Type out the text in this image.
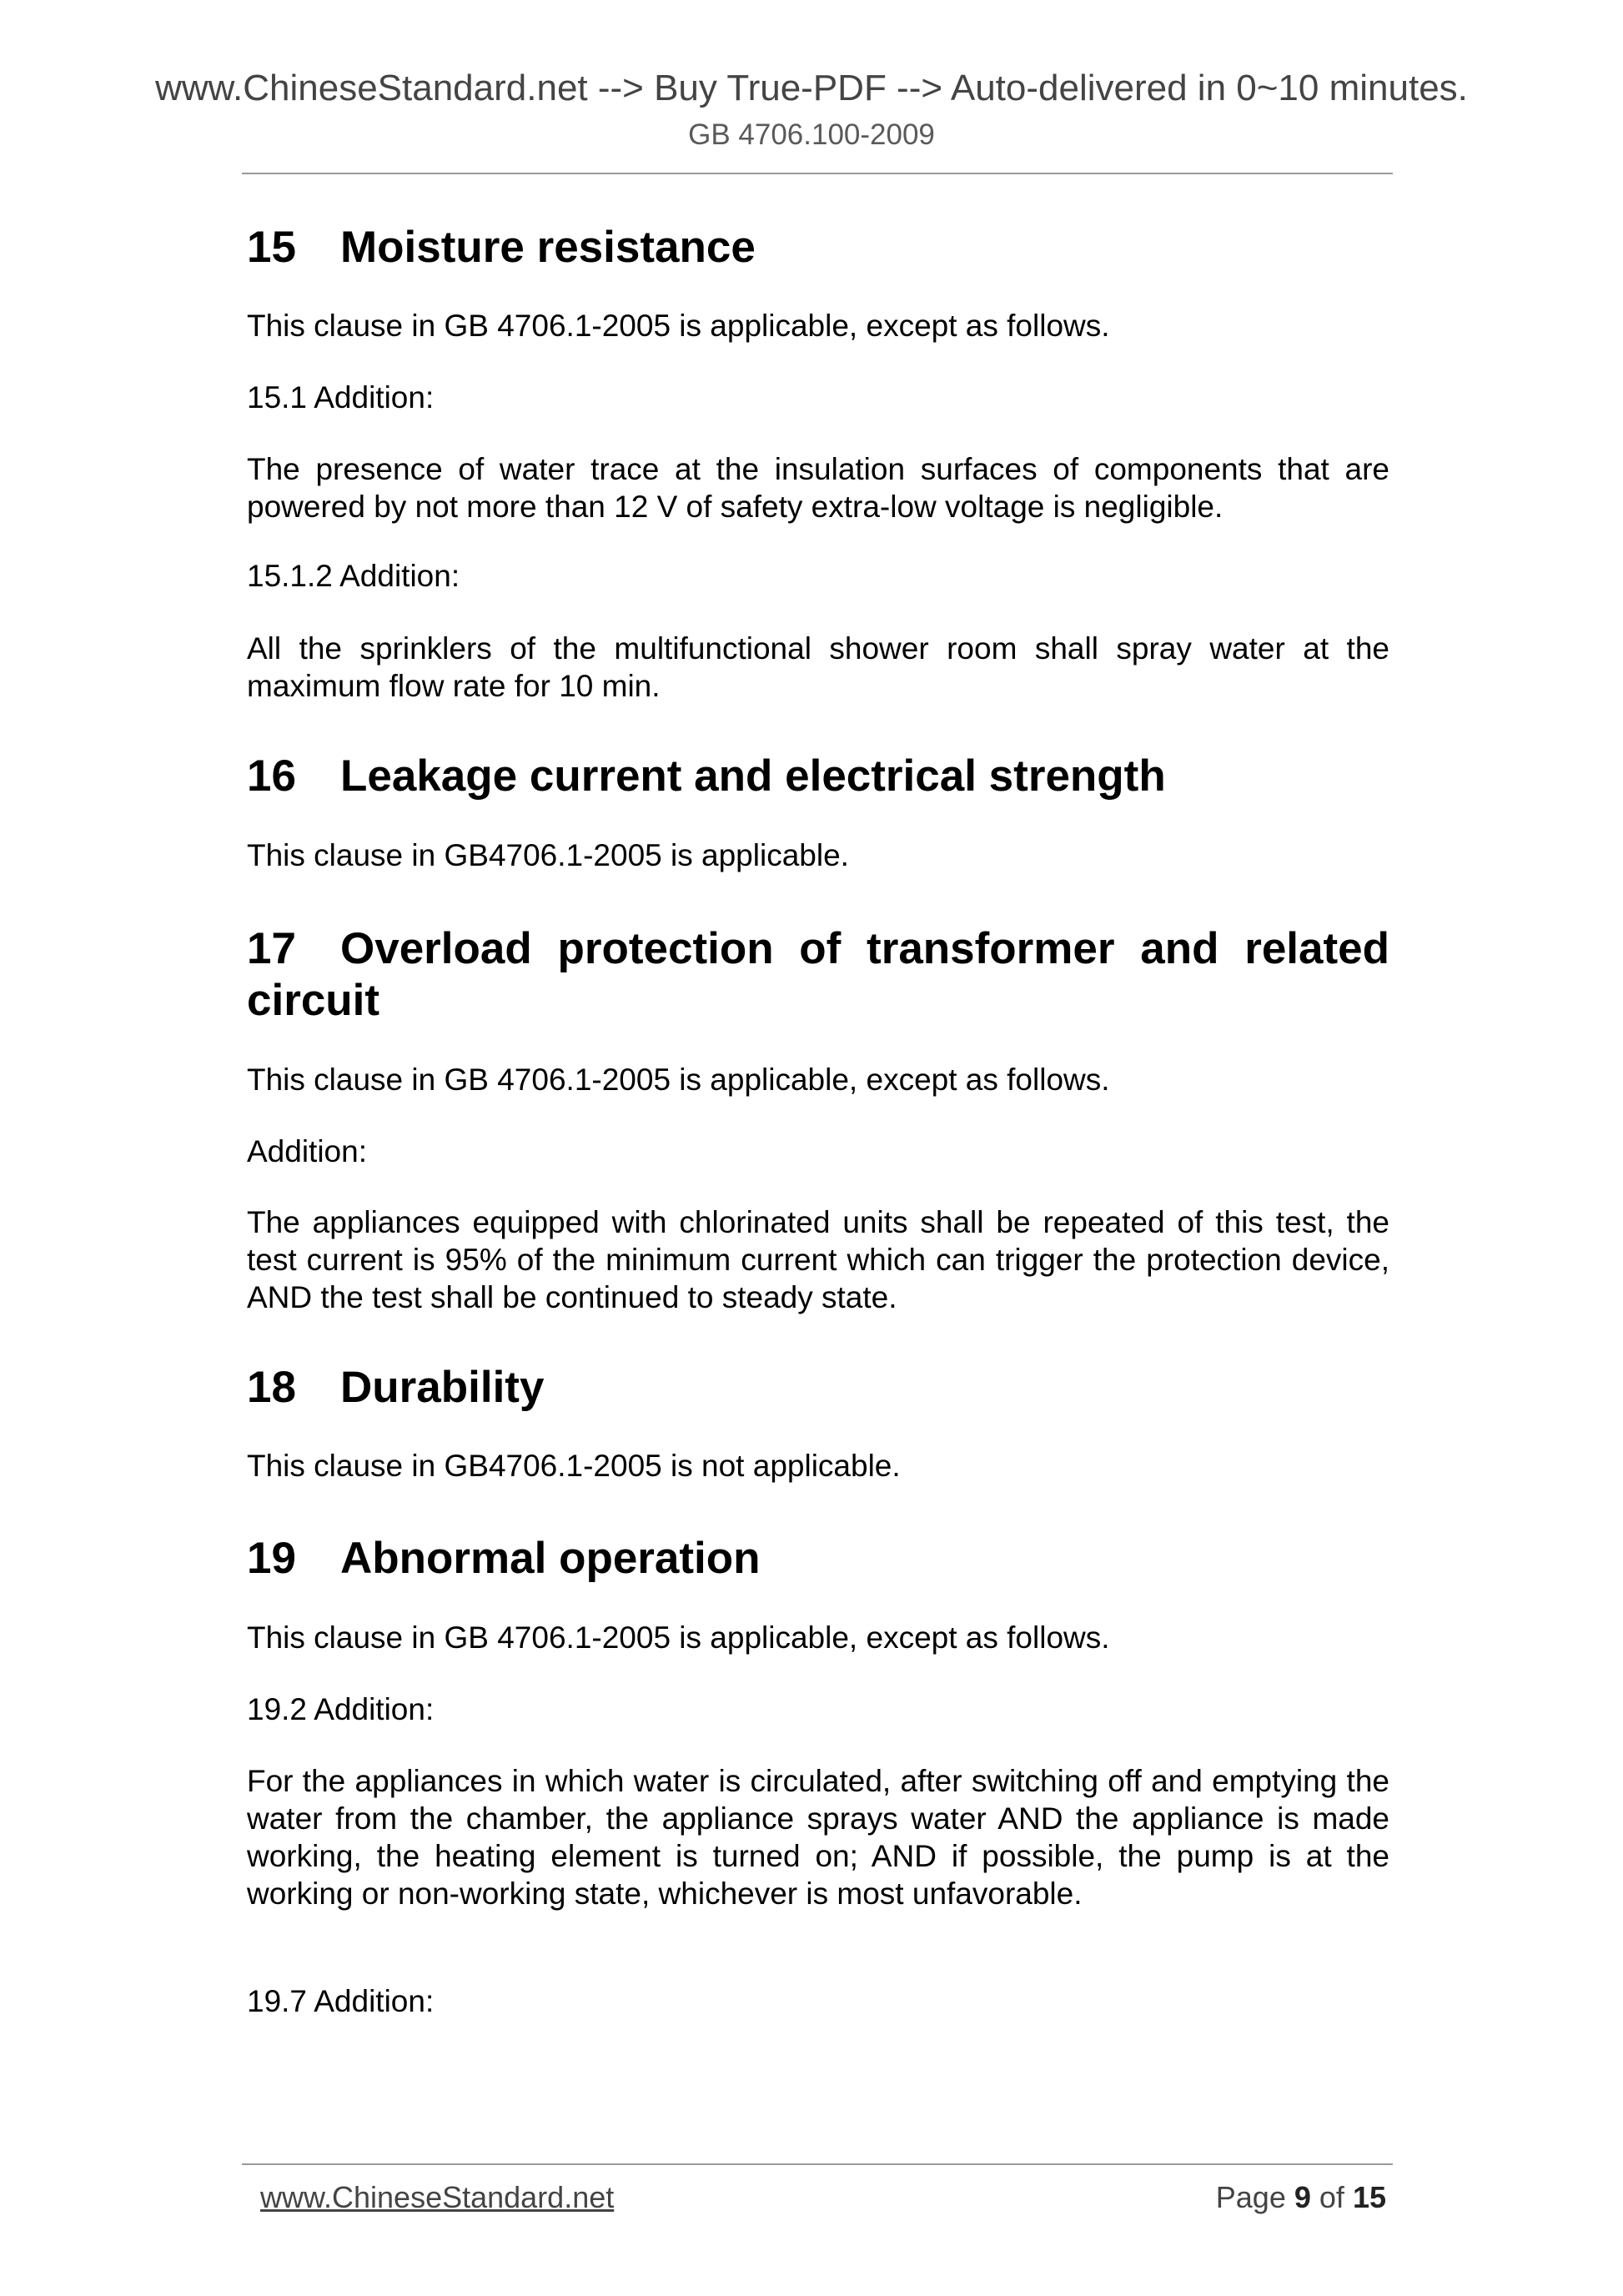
www.ChineseStandard.net --> Buy True-PDF --> Auto-delivered in 0~10 minutes.
GB 4706.100-2009
15 Moisture resistance

This clause in GB 4706.1-2005 is applicable, except as follows.

15.1 Addition:

The presence of water trace at the insulation surfaces of components that are powered by not more than 12 V of safety extra-low voltage is negligible.

15.1.2 Addition:

All the sprinklers of the multifunctional shower room shall spray water at the maximum flow rate for 10 min.

16 Leakage current and electrical strength

This clause in GB4706.1-2005 is applicable.

17 Overload protection of transformer and related circuit

This clause in GB 4706.1-2005 is applicable, except as follows.

Addition:

The appliances equipped with chlorinated units shall be repeated of this test, the test current is 95% of the minimum current which can trigger the protection device, AND the test shall be continued to steady state.

18 Durability

This clause in GB4706.1-2005 is not applicable.

19 Abnormal operation

This clause in GB 4706.1-2005 is applicable, except as follows.

19.2 Addition:

For the appliances in which water is circulated, after switching off and emptying the water from the chamber, the appliance sprays water AND the appliance is made working, the heating element is turned on; AND if possible, the pump is at the working or non-working state, whichever is most unfavorable.

19.7 Addition:

www.ChineseStandard.net	Page 9 of 15
